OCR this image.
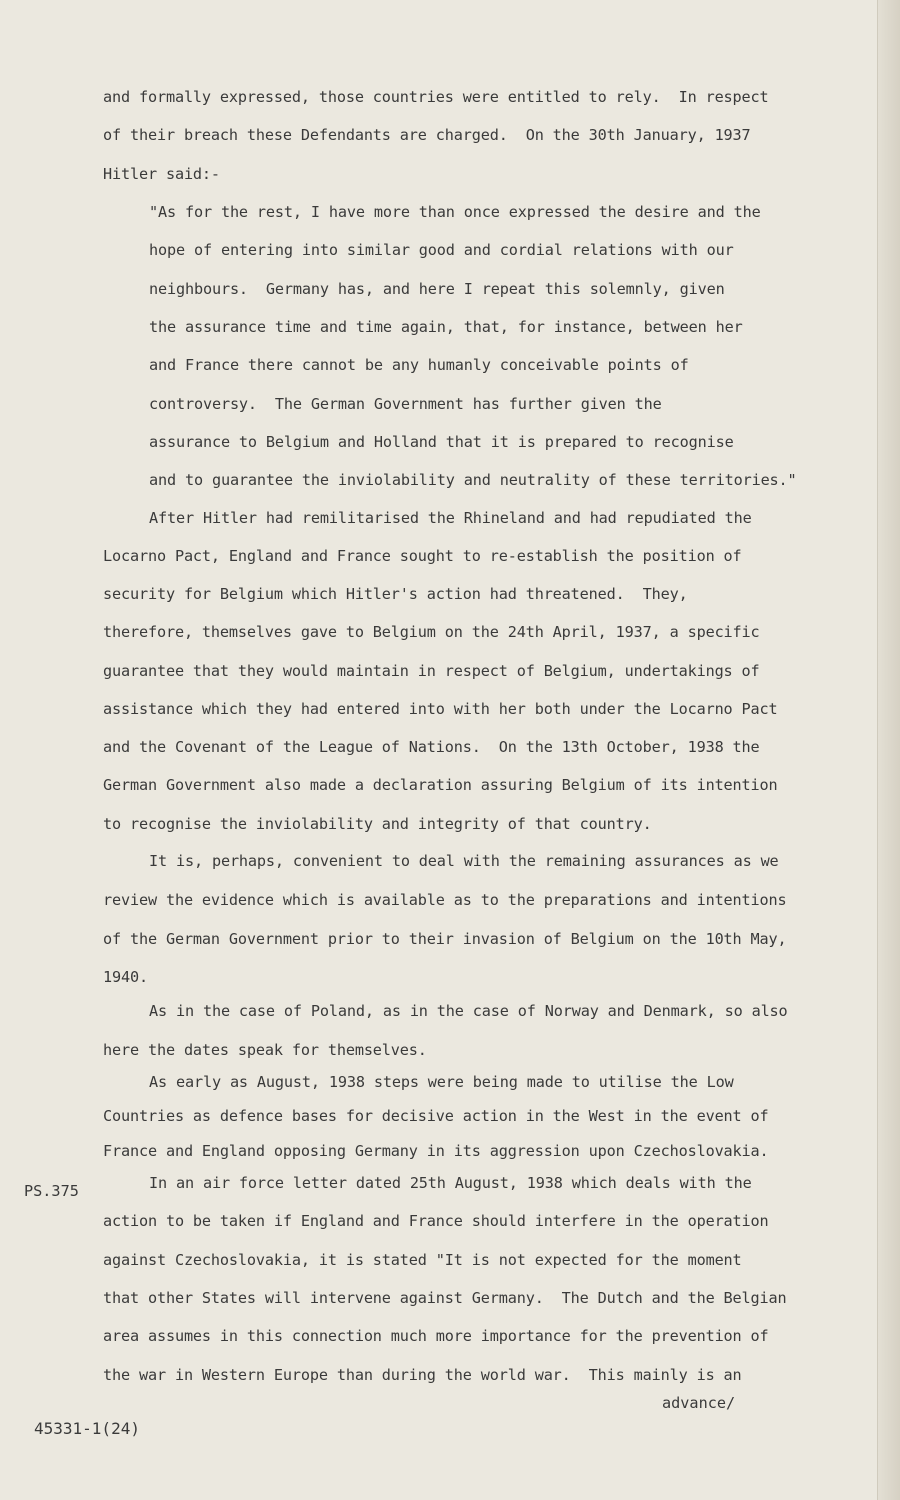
and formally expressed, those countries were entitled to rely.  In respect
of their breach these Defendants are charged.  On the 30th January, 1937
Hitler said:-
"As for the rest, I have more than once expressed the desire and the
hope of entering into similar good and cordial relations with our
neighbours.  Germany has, and here I repeat this solemnly, given
the assurance time and time again, that, for instance, between her
and France there cannot be any humanly conceivable points of
controversy.  The German Government has further given the
assurance to Belgium and Holland that it is prepared to recognise
and to guarantee the inviolability and neutrality of these territories."
After Hitler had remilitarised the Rhineland and had repudiated the
Locarno Pact, England and France sought to re-establish the position of
security for Belgium which Hitler's action had threatened.  They,
therefore, themselves gave to Belgium on the 24th April, 1937, a specific
guarantee that they would maintain in respect of Belgium, undertakings of
assistance which they had entered into with her both under the Locarno Pact
and the Covenant of the League of Nations.  On the 13th October, 1938 the
German Government also made a declaration assuring Belgium of its intention
to recognise the inviolability and integrity of that country.
It is, perhaps, convenient to deal with the remaining assurances as we
review the evidence which is available as to the preparations and intentions
of the German Government prior to their invasion of Belgium on the 10th May,
1940.
As in the case of Poland, as in the case of Norway and Denmark, so also
here the dates speak for themselves.
As early as August, 1938 steps were being made to utilise the Low
Countries as defence bases for decisive action in the West in the event of
France and England opposing Germany in its aggression upon Czechoslovakia.
In an air force letter dated 25th August, 1938 which deals with the
action to be taken if England and France should interfere in the operation
against Czechoslovakia, it is stated "It is not expected for the moment
that other States will intervene against Germany.  The Dutch and the Belgian
area assumes in this connection much more importance for the prevention of
the war in Western Europe than during the world war.  This mainly is an
PS.375
advance/
45331-1(24)
